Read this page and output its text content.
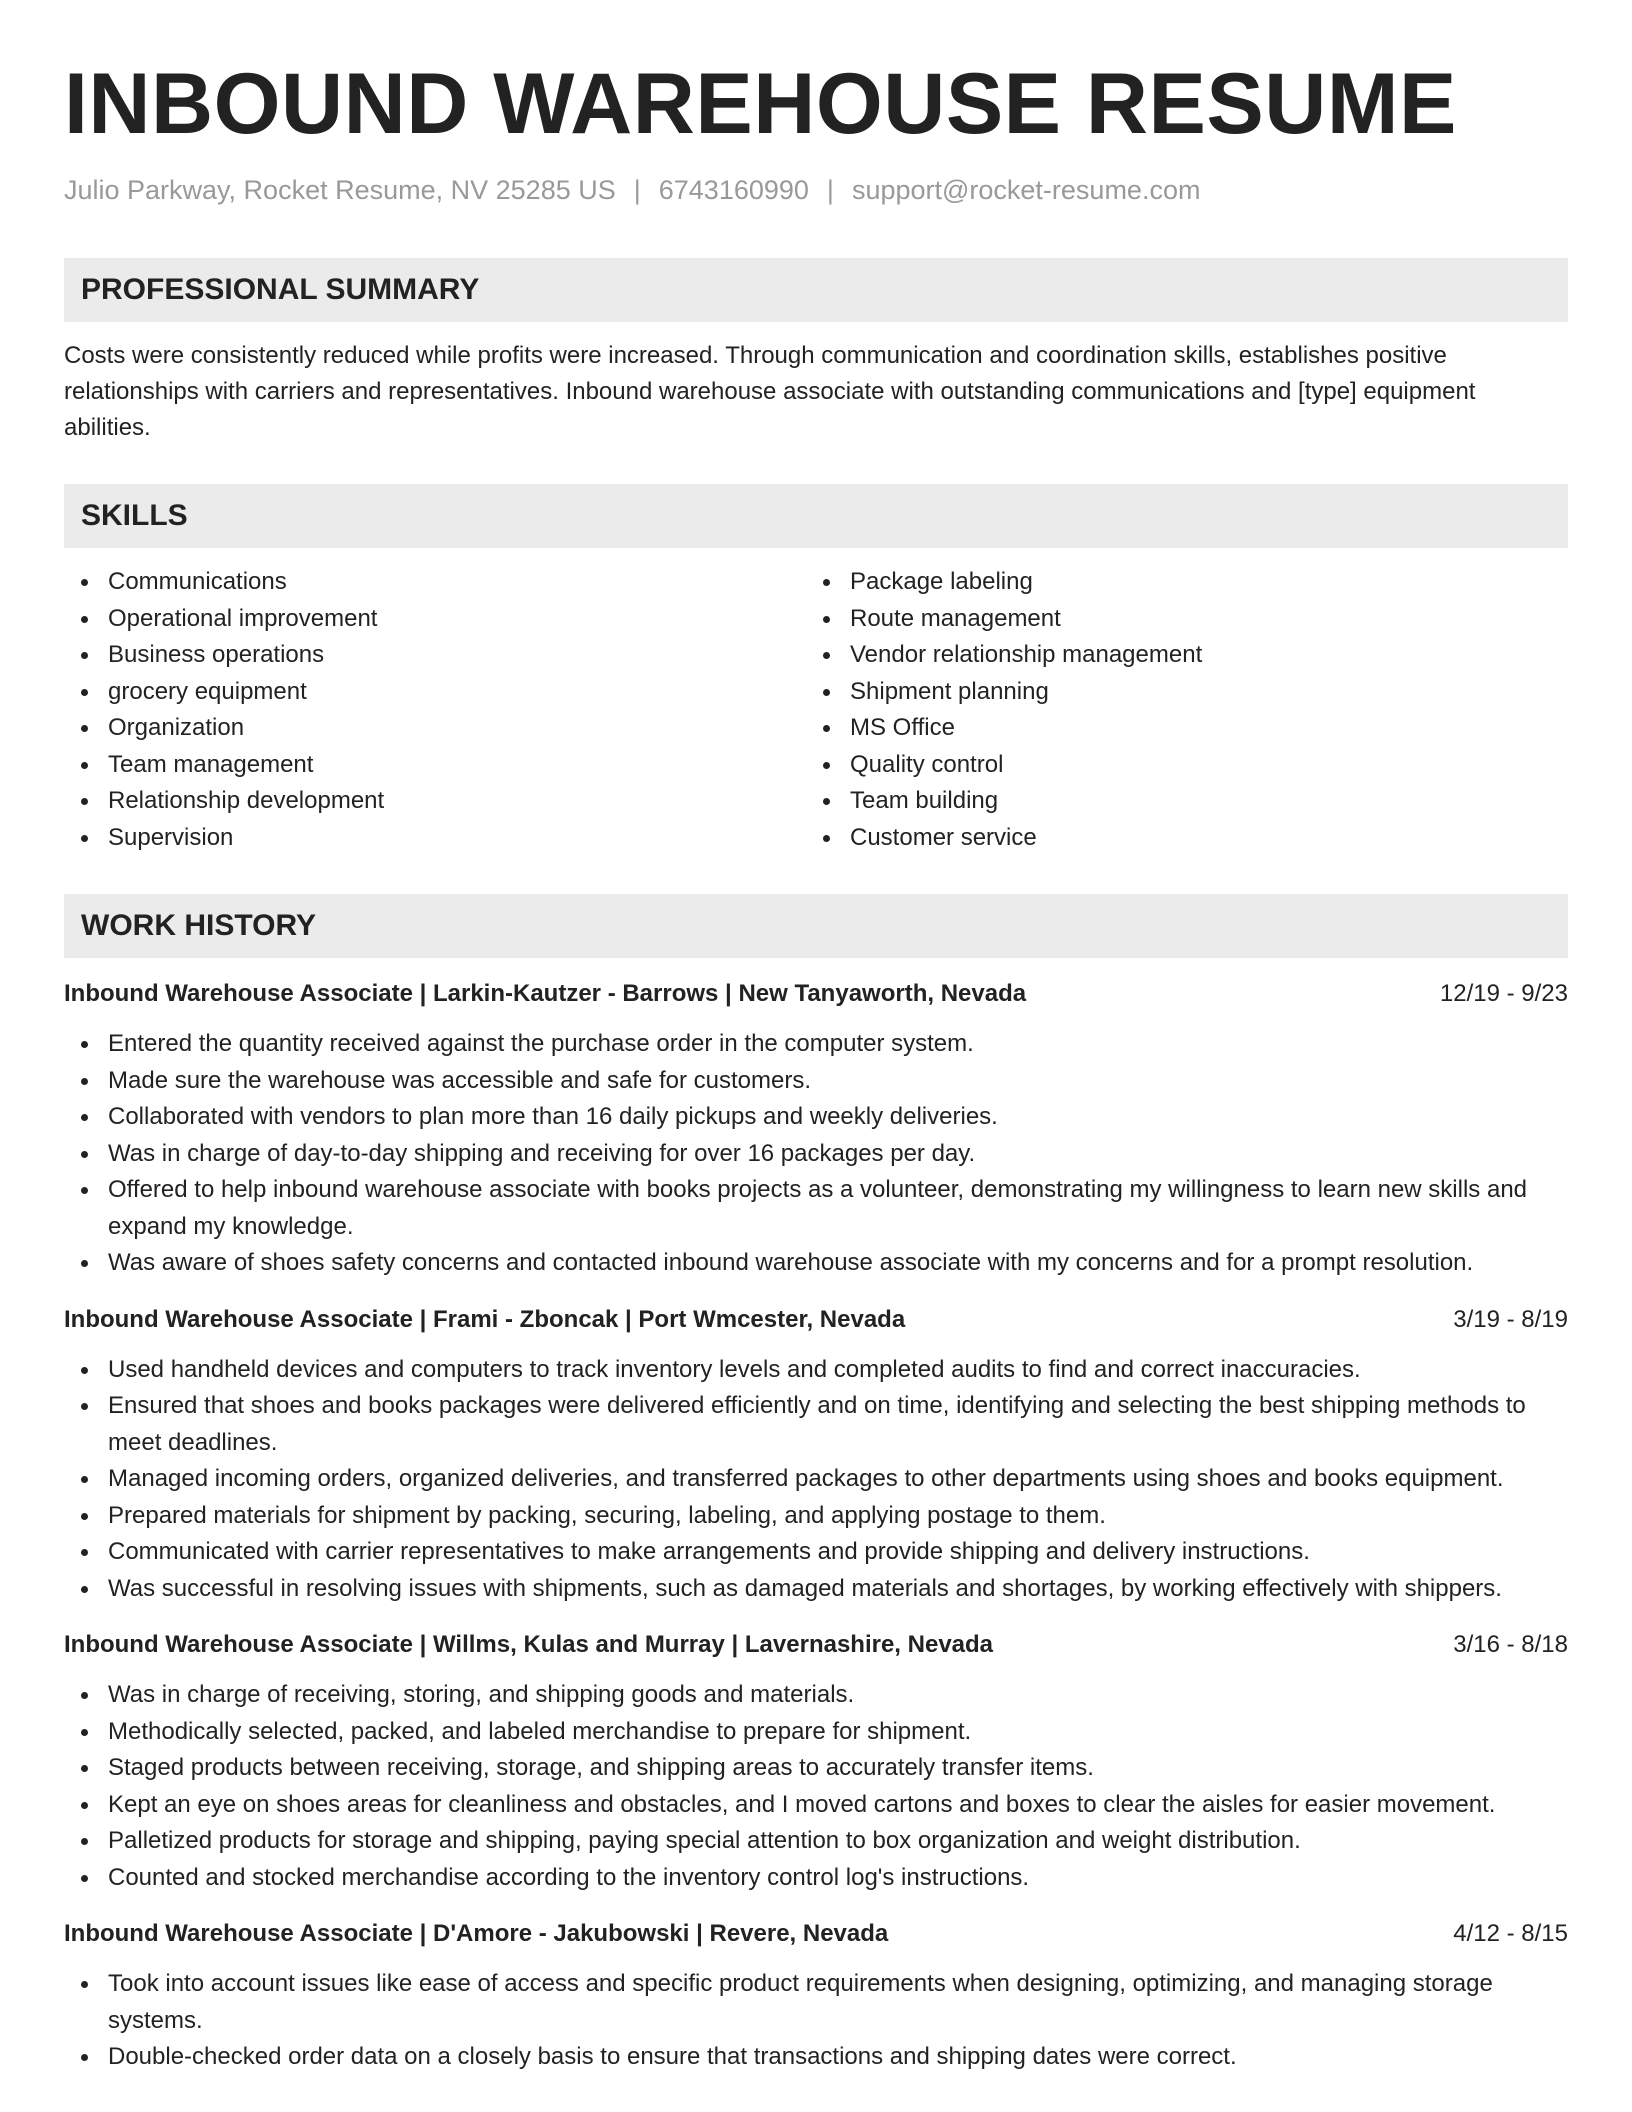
INBOUND WAREHOUSE RESUME
Julio Parkway, Rocket Resume, NV 25285 US | 6743160990 | support@rocket-resume.com
PROFESSIONAL SUMMARY
Costs were consistently reduced while profits were increased. Through communication and coordination skills, establishes positive relationships with carriers and representatives. Inbound warehouse associate with outstanding communications and [type] equipment abilities.
SKILLS
Communications
Operational improvement
Business operations
grocery equipment
Organization
Team management
Relationship development
Supervision
Package labeling
Route management
Vendor relationship management
Shipment planning
MS Office
Quality control
Team building
Customer service
WORK HISTORY
Inbound Warehouse Associate | Larkin-Kautzer - Barrows | New Tanyaworth, Nevada	12/19 - 9/23
Entered the quantity received against the purchase order in the computer system.
Made sure the warehouse was accessible and safe for customers.
Collaborated with vendors to plan more than 16 daily pickups and weekly deliveries.
Was in charge of day-to-day shipping and receiving for over 16 packages per day.
Offered to help inbound warehouse associate with books projects as a volunteer, demonstrating my willingness to learn new skills and expand my knowledge.
Was aware of shoes safety concerns and contacted inbound warehouse associate with my concerns and for a prompt resolution.
Inbound Warehouse Associate | Frami - Zboncak | Port Wmcester, Nevada	3/19 - 8/19
Used handheld devices and computers to track inventory levels and completed audits to find and correct inaccuracies.
Ensured that shoes and books packages were delivered efficiently and on time, identifying and selecting the best shipping methods to meet deadlines.
Managed incoming orders, organized deliveries, and transferred packages to other departments using shoes and books equipment.
Prepared materials for shipment by packing, securing, labeling, and applying postage to them.
Communicated with carrier representatives to make arrangements and provide shipping and delivery instructions.
Was successful in resolving issues with shipments, such as damaged materials and shortages, by working effectively with shippers.
Inbound Warehouse Associate | Willms, Kulas and Murray | Lavernashire, Nevada	3/16 - 8/18
Was in charge of receiving, storing, and shipping goods and materials.
Methodically selected, packed, and labeled merchandise to prepare for shipment.
Staged products between receiving, storage, and shipping areas to accurately transfer items.
Kept an eye on shoes areas for cleanliness and obstacles, and I moved cartons and boxes to clear the aisles for easier movement.
Palletized products for storage and shipping, paying special attention to box organization and weight distribution.
Counted and stocked merchandise according to the inventory control log's instructions.
Inbound Warehouse Associate | D'Amore - Jakubowski | Revere, Nevada	4/12 - 8/15
Took into account issues like ease of access and specific product requirements when designing, optimizing, and managing storage systems.
Double-checked order data on a closely basis to ensure that transactions and shipping dates were correct.
